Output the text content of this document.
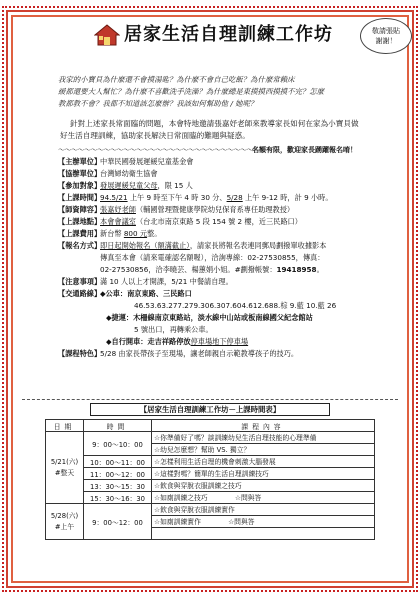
居家生活自理訓練工作坊	敬請張貼
謝謝！
我家的小寶貝為什麼還不會摸湯匙？為什麼不會自己吃飯？為什麼常賴床
緩都還要大人幫忙？為什麼不喜歡洗手洗澡？為什麼總是東摸摸西摸摸不完？怎麼
教都教不會？我都不知道該怎麼辦？我該如何幫助他 / 她呢？

針對上述家長常面臨的問題，本會特地邀請張嘉妤老師來教導家長如何在家為小寶貝做好生活自理訓練，協助家長解決日常面臨的難題與疑惑。

～～～～～～～～～～～～～～～～～～～～～～～～～～～～～～～～～
名額有限，歡迎家長踴躍報名唷！
【主辦單位】
中華民國發展遲緩兒童基金會
【協辦單位】
台灣婦幼衛生協會
【參加對象】
發展遲緩兒童父母，限 15 人
【上課時間】
94.5/21 上午 9 時至下午 4 時 30 分、5/28 上午 9-12 時，計 9 小時。
【師資陣容】
張嘉妤老師（輔國營理暨健康學院幼兒保育系專任助理教授）
【上課地點】
本會會議室（台北市南京東路 5 段 154 號 2 樓，近三民路口）
【上課費用】
新台幣 800 元整。
【報名方式】
即日起開始報名（額滿截止），請家長將報名表連同郵局劃撥單收據影本
傳真至本會（請來電確認名額喔），洽詢專線：02-27530855，傳真：
02-27530856，洽李曉芸、楊蕙娟小姐。#劃撥帳號：19418958。
【注意事項】
滿 10 人以上才開課，5/21 中餐請自理。
【交通路線】
◆公車：南京東路、三民路口
46.53.63.277.279.306.307.604.612.688.棕 9.藍 10.藍 26
◆捷運：木柵線南京東路站，淡水線中山站或板南線國父紀念館站
5 號出口，再轉乘公車。
◆自行開車：走吉祥路停放停車場地下停車場
【課程特色】
5/28 由家長帶孩子至現場，讓老師親自示範教導孩子的技巧。
【居家生活自理訓練工作坊－上課時間表】
日期	時間	課程內容

5/21(六)
#整天	9：00～10：00	☆你準備好了嗎？談訓練幼兒生活自理技能的心理準備
		☆幼兒怎麼想？幫助 VS. 獨立？
	10：00～11：00	☆怎樣利用生活自理的機會刺激大腦發展
	11：00～12：00	☆這樣對嗎？簡單的生活自理訓練技巧
	13：30～15：30	☆飲食與穿脫衣服訓練之技巧
	15：30～16：30	☆如廁訓練之技巧　　　　 ☆問與答

5/28(六)
#上午	9：00～12：00	☆飲食與穿脫衣服訓練實作
		☆如廁訓練實作　　　　 ☆問與答
